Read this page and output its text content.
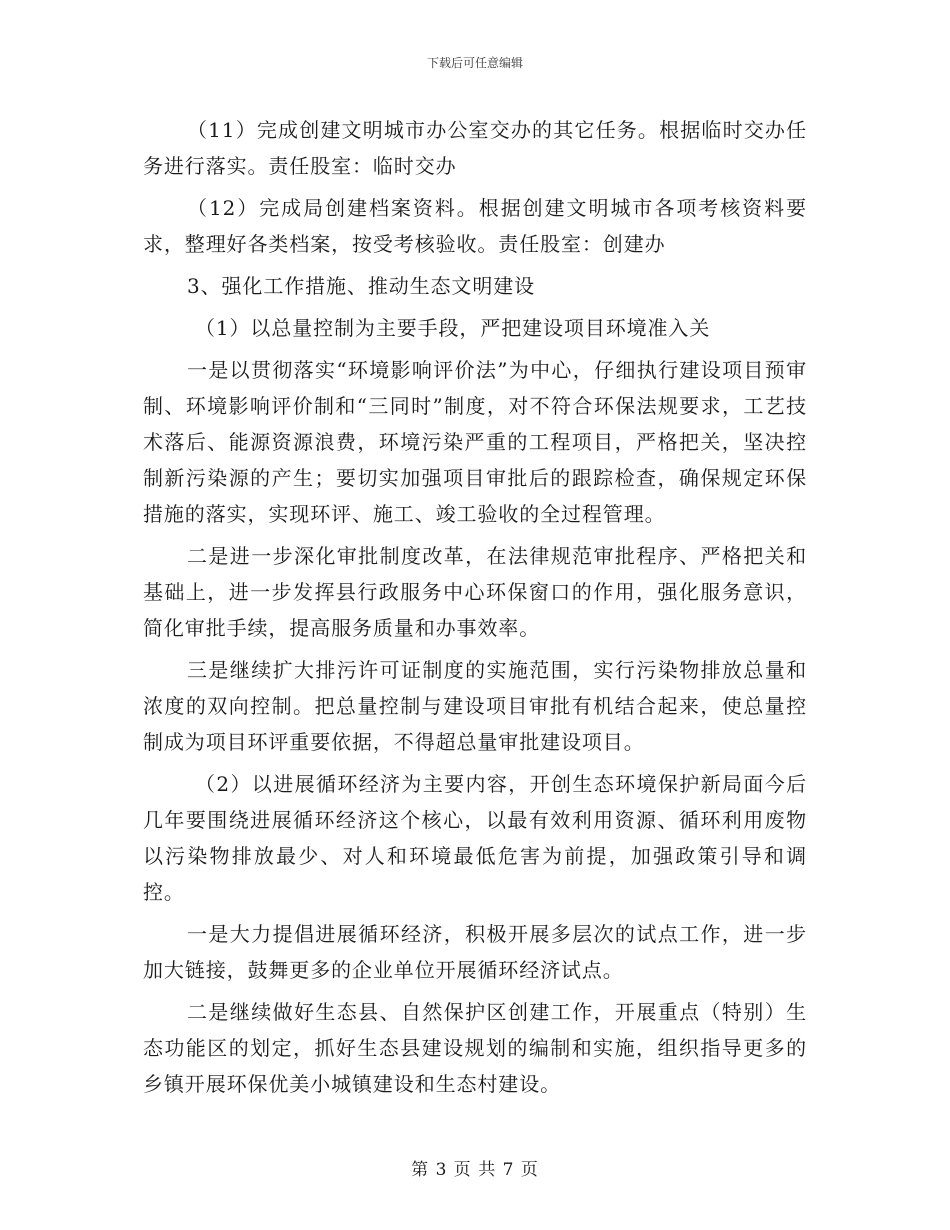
下载后可任意编辑

（11）完成创建文明城市办公室交办的其它任务。根据临时交办任务进行落实。责任股室：临时交办

（12）完成局创建档案资料。根据创建文明城市各项考核资料要求，整理好各类档案，按受考核验收。责任股室：创建办

3、强化工作措施、推动生态文明建设

（1）以总量控制为主要手段，严把建设项目环境准入关

一是以贯彻落实“环境影响评价法”为中心，仔细执行建设项目预审制、环境影响评价制和“三同时”制度，对不符合环保法规要求，工艺技术落后、能源资源浪费，环境污染严重的工程项目，严格把关，坚决控制新污染源的产生；要切实加强项目审批后的跟踪检查，确保规定环保措施的落实，实现环评、施工、竣工验收的全过程管理。

二是进一步深化审批制度改革，在法律规范审批程序、严格把关和基础上，进一步发挥县行政服务中心环保窗口的作用，强化服务意识，简化审批手续，提高服务质量和办事效率。

三是继续扩大排污许可证制度的实施范围，实行污染物排放总量和浓度的双向控制。把总量控制与建设项目审批有机结合起来，使总量控制成为项目环评重要依据，不得超总量审批建设项目。

（2）以进展循环经济为主要内容，开创生态环境保护新局面今后几年要围绕进展循环经济这个核心，以最有效利用资源、循环利用废物以污染物排放最少、对人和环境最低危害为前提，加强政策引导和调控。

一是大力提倡进展循环经济，积极开展多层次的试点工作，进一步加大链接，鼓舞更多的企业单位开展循环经济试点。

二是继续做好生态县、自然保护区创建工作，开展重点（特别）生态功能区的划定，抓好生态县建设规划的编制和实施，组织指导更多的乡镇开展环保优美小城镇建设和生态村建设。

第 3 页 共 7 页
